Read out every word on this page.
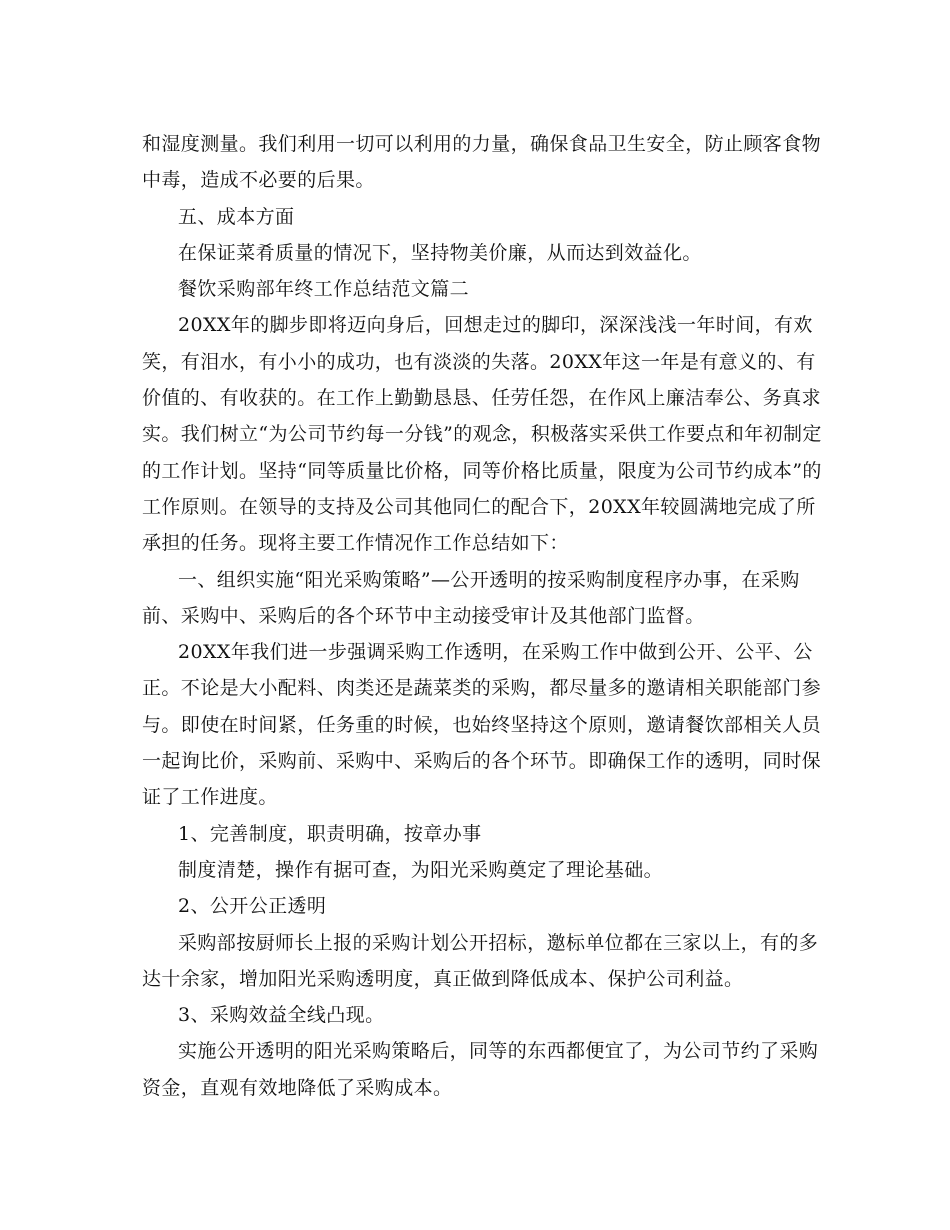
和湿度测量。我们利用一切可以利用的力量，确保食品卫生安全，防止顾客食物中毒，造成不必要的后果。

五、成本方面

在保证菜肴质量的情况下，坚持物美价廉，从而达到效益化。

餐饮采购部年终工作总结范文篇二

20XX年的脚步即将迈向身后，回想走过的脚印，深深浅浅一年时间，有欢笑，有泪水，有小小的成功，也有淡淡的失落。20XX年这一年是有意义的、有价值的、有收获的。在工作上勤勤恳恳、任劳任怨，在作风上廉洁奉公、务真求实。我们树立“为公司节约每一分钱”的观念，积极落实采供工作要点和年初制定的工作计划。坚持“同等质量比价格，同等价格比质量，限度为公司节约成本”的工作原则。在领导的支持及公司其他同仁的配合下，20XX年较圆满地完成了所承担的任务。现将主要工作情况作工作总结如下：

一、组织实施“阳光采购策略”—公开透明的按采购制度程序办事，在采购前、采购中、采购后的各个环节中主动接受审计及其他部门监督。

20XX年我们进一步强调采购工作透明，在采购工作中做到公开、公平、公正。不论是大小配料、肉类还是蔬菜类的采购，都尽量多的邀请相关职能部门参与。即使在时间紧，任务重的时候，也始终坚持这个原则，邀请餐饮部相关人员一起询比价，采购前、采购中、采购后的各个环节。即确保工作的透明，同时保证了工作进度。

1、完善制度，职责明确，按章办事

制度清楚，操作有据可查，为阳光采购奠定了理论基础。

2、公开公正透明

采购部按厨师长上报的采购计划公开招标，邀标单位都在三家以上，有的多达十余家，增加阳光采购透明度，真正做到降低成本、保护公司利益。

3、采购效益全线凸现。

实施公开透明的阳光采购策略后，同等的东西都便宜了，为公司节约了采购资金，直观有效地降低了采购成本。
